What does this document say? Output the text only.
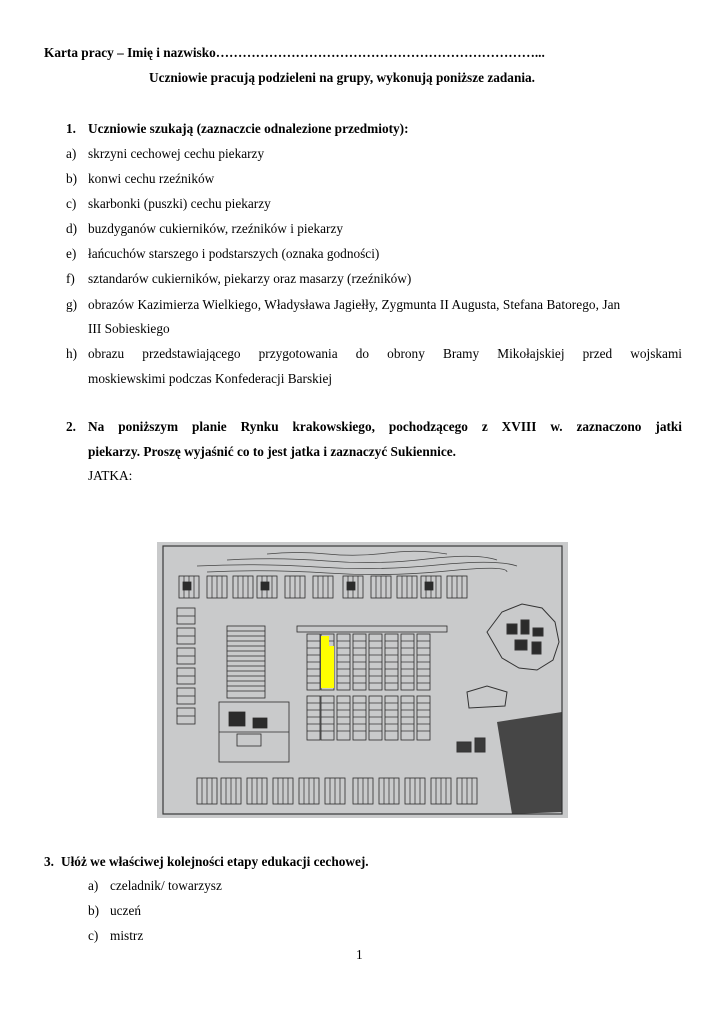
Karta pracy – Imię i nazwisko………………………………………………………………...
Uczniowie pracują podzieleni na grupy, wykonują poniższe zadania.
1. Uczniowie szukają (zaznaczcie odnalezione przedmioty):
a) skrzyni cechowej cechu piekarzy
b) konwi cechu rzeźników
c) skarbonki (puszki) cechu piekarzy
d) buzdyganów cukierników, rzeźników i piekarzy
e) łańcuchów starszego i podstarszych (oznaka godności)
f) sztandarów cukierników, piekarzy oraz masarzy (rzeźników)
g) obrazów Kazimierza Wielkiego, Władysława Jagiełły, Zygmunta II Augusta, Stefana Batorego, Jan
III Sobieskiego
h) obrazu przedstawiającego przygotowania do obrony Bramy Mikołajskiej przed wojskami
moskiewskimi podczas Konfederacji Barskiej
2. Na poniższym planie Rynku krakowskiego, pochodzącego z XVIII w. zaznaczono jatki
piekarzy. Proszę wyjaśnić co to jest jatka i zaznaczyć Sukiennice.
JATKA:
3. Ułóż we właściwej kolejności etapy edukacji cechowej.
a) czeladnik/ towarzysz
b) uczeń
c) mistrz
1
